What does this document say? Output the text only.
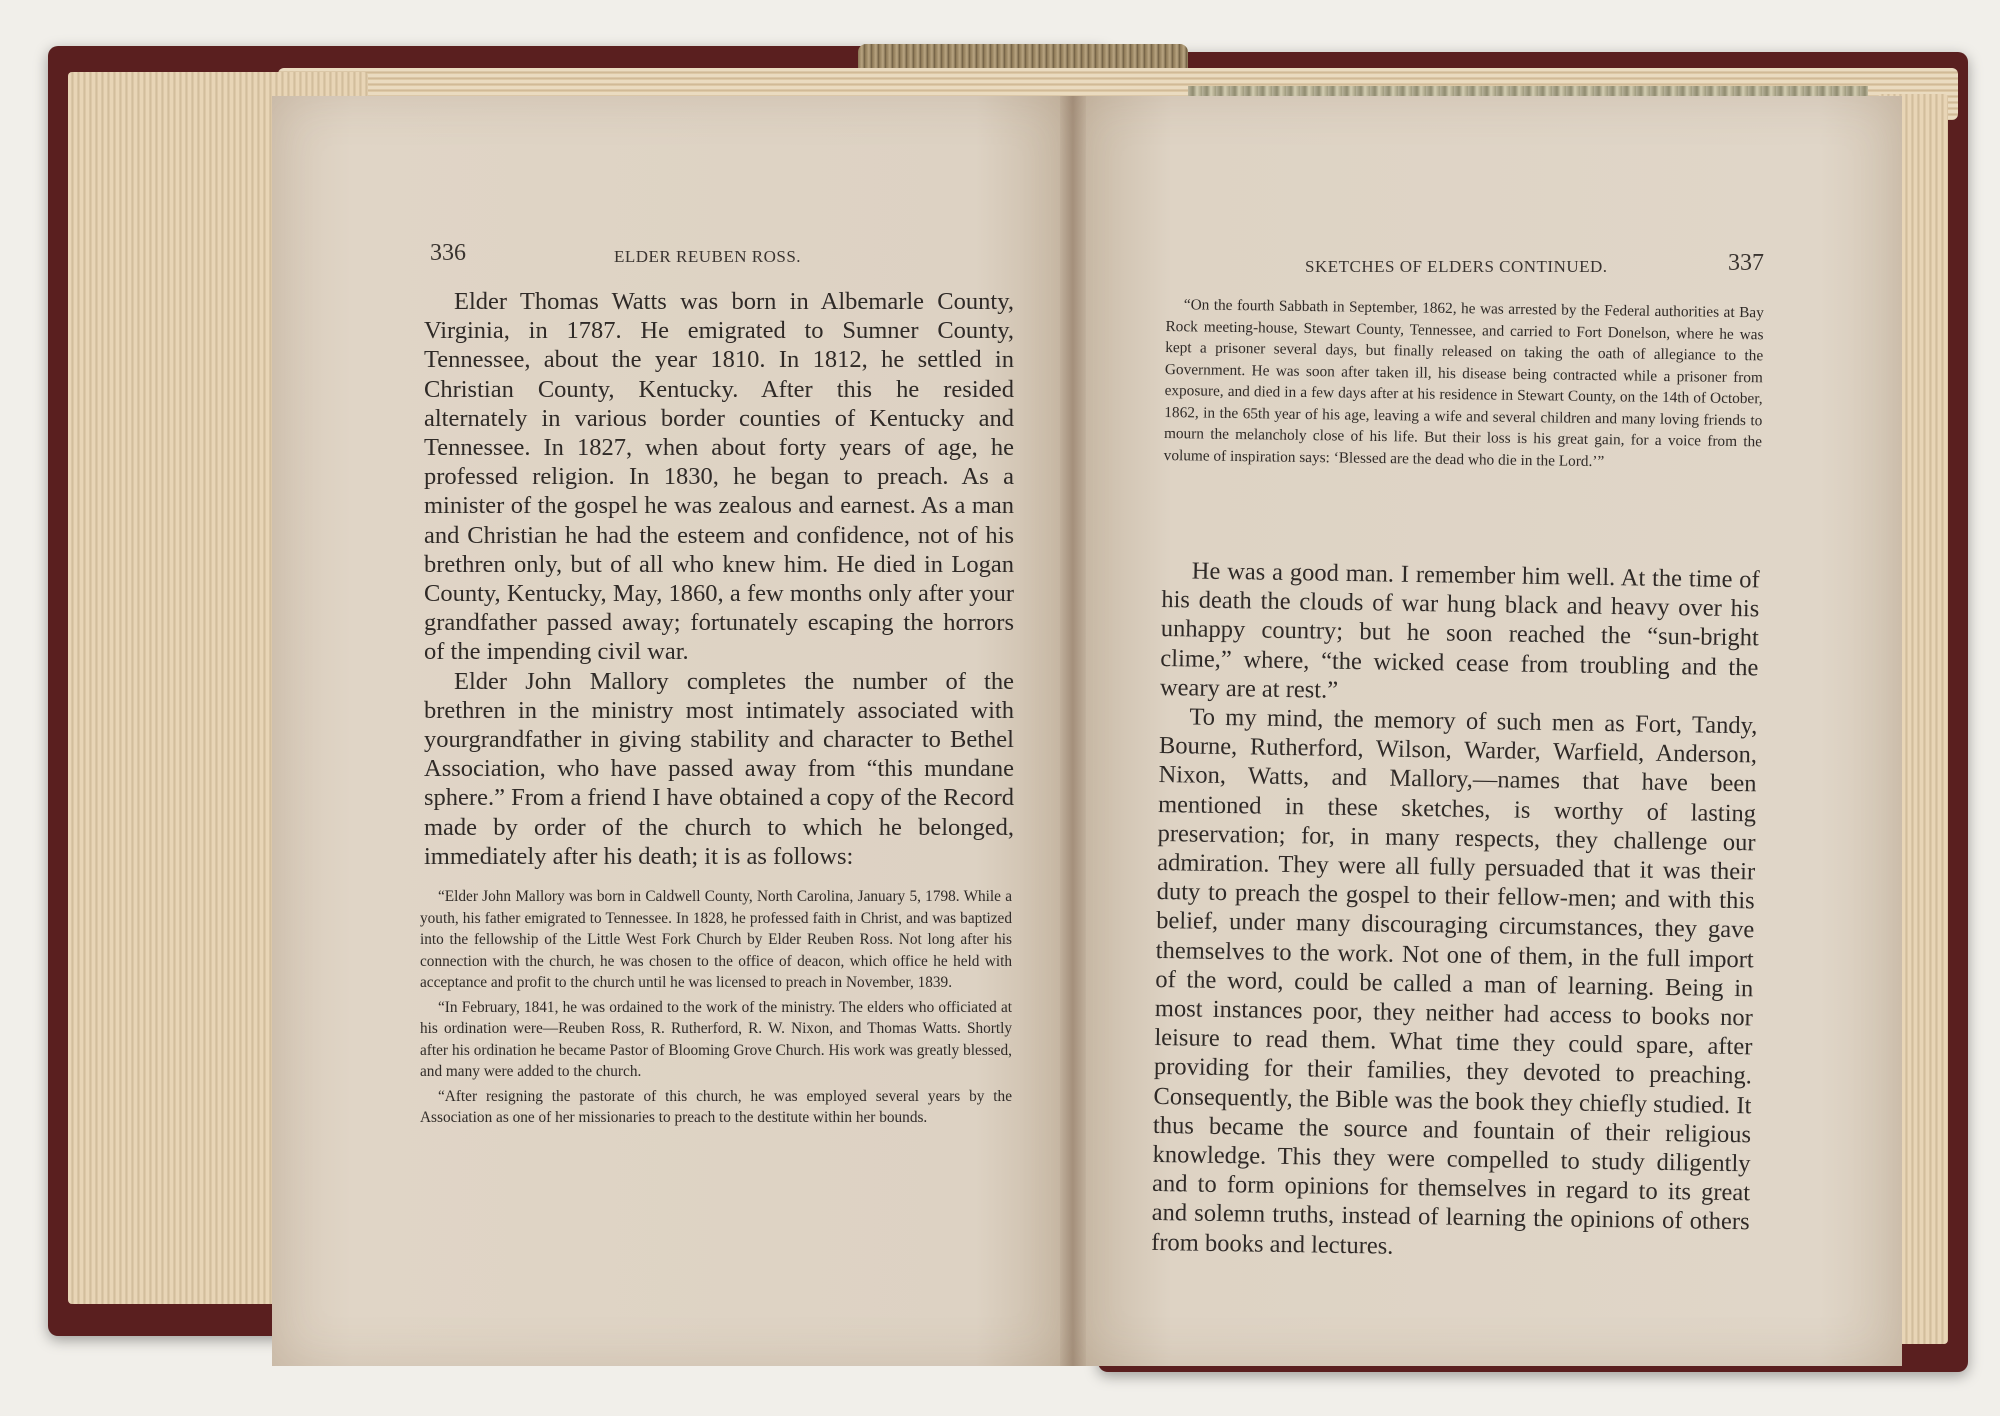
336	ELDER REUBEN ROSS.

Elder Thomas Watts was born in Albemarle County, Virginia, in 1787. He emigrated to Sumner County, Tennessee, about the year 1810. In 1812, he settled in Christian County, Kentucky. After this he resided alternately in various border counties of Kentucky and Tennessee. In 1827, when about forty years of age, he professed religion. In 1830, he began to preach. As a minister of the gospel he was zealous and earnest. As a man and Christian he had the esteem and confidence, not of his brethren only, but of all who knew him. He died in Logan County, Kentucky, May, 1860, a few months only after your grandfather passed away; fortunately escaping the horrors of the impending civil war.

Elder John Mallory completes the number of the brethren in the ministry most intimately associated with yourgrandfather in giving stability and character to Bethel Association, who have passed away from “this mundane sphere.” From a friend I have obtained a copy of the Record made by order of the church to which he belonged, immediately after his death; it is as follows:

“Elder John Mallory was born in Caldwell County, North Carolina, January 5, 1798. While a youth, his father emigrated to Tennessee. In 1828, he professed faith in Christ, and was baptized into the fellowship of the Little West Fork Church by Elder Reuben Ross. Not long after his connection with the church, he was chosen to the office of deacon, which office he held with acceptance and profit to the church until he was licensed to preach in November, 1839.

“In February, 1841, he was ordained to the work of the ministry. The elders who officiated at his ordination were—Reuben Ross, R. Rutherford, R. W. Nixon, and Thomas Watts. Shortly after his ordination he became Pastor of Blooming Grove Church. His work was greatly blessed, and many were added to the church.

“After resigning the pastorate of this church, he was employed several years by the Association as one of her missionaries to preach to the destitute within her bounds.

SKETCHES OF ELDERS CONTINUED.	337

“On the fourth Sabbath in September, 1862, he was arrested by the Federal authorities at Bay Rock meeting-house, Stewart County, Tennessee, and carried to Fort Donelson, where he was kept a prisoner several days, but finally released on taking the oath of allegiance to the Government. He was soon after taken ill, his disease being contracted while a prisoner from exposure, and died in a few days after at his residence in Stewart County, on the 14th of October, 1862, in the 65th year of his age, leaving a wife and several children and many loving friends to mourn the melancholy close of his life. But their loss is his great gain, for a voice from the volume of inspiration says: ‘Blessed are the dead who die in the Lord.’”

He was a good man. I remember him well. At the time of his death the clouds of war hung black and heavy over his unhappy country; but he soon reached the “sun-bright clime,” where, “the wicked cease from troubling and the weary are at rest.”

To my mind, the memory of such men as Fort, Tandy, Bourne, Rutherford, Wilson, Warder, Warfield, Anderson, Nixon, Watts, and Mallory,—names that have been mentioned in these sketches, is worthy of lasting preservation; for, in many respects, they challenge our admiration. They were all fully persuaded that it was their duty to preach the gospel to their fellow-men; and with this belief, under many discouraging circumstances, they gave themselves to the work. Not one of them, in the full import of the word, could be called a man of learning. Being in most instances poor, they neither had access to books nor leisure to read them. What time they could spare, after providing for their families, they devoted to preaching. Consequently, the Bible was the book they chiefly studied. It thus became the source and fountain of their religious knowledge. This they were compelled to study diligently and to form opinions for themselves in regard to its great and solemn truths, instead of learning the opinions of others from books and lectures.
